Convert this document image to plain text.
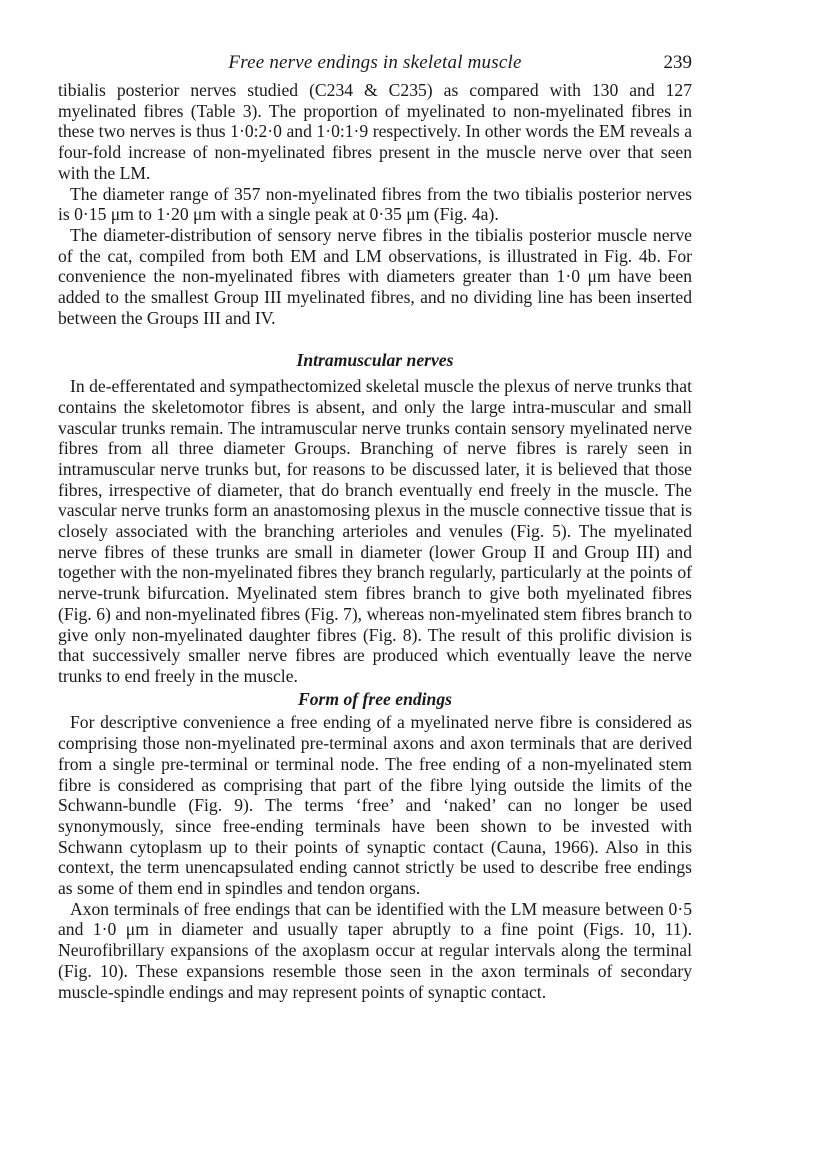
Free nerve endings in skeletal muscle	239

tibialis posterior nerves studied (C234 & C235) as compared with 130 and 127 myelinated fibres (Table 3). The proportion of myelinated to non-myelinated fibres in these two nerves is thus 1·0:2·0 and 1·0:1·9 respectively. In other words the EM reveals a four-fold increase of non-myelinated fibres present in the muscle nerve over that seen with the LM.

The diameter range of 357 non-myelinated fibres from the two tibialis posterior nerves is 0·15 μm to 1·20 μm with a single peak at 0·35 μm (Fig. 4a).

The diameter-distribution of sensory nerve fibres in the tibialis posterior muscle nerve of the cat, compiled from both EM and LM observations, is illustrated in Fig. 4b. For convenience the non-myelinated fibres with diameters greater than 1·0 μm have been added to the smallest Group III myelinated fibres, and no dividing line has been inserted between the Groups III and IV.

Intramuscular nerves

In de-efferentated and sympathectomized skeletal muscle the plexus of nerve trunks that contains the skeletomotor fibres is absent, and only the large intra-muscular and small vascular trunks remain. The intramuscular nerve trunks contain sensory myelinated nerve fibres from all three diameter Groups. Branching of nerve fibres is rarely seen in intramuscular nerve trunks but, for reasons to be discussed later, it is believed that those fibres, irrespective of diameter, that do branch eventually end freely in the muscle. The vascular nerve trunks form an anastomosing plexus in the muscle connective tissue that is closely associated with the branching arterioles and venules (Fig. 5). The myelinated nerve fibres of these trunks are small in diameter (lower Group II and Group III) and together with the non-myelinated fibres they branch regularly, particularly at the points of nerve-trunk bifurcation. Myelinated stem fibres branch to give both myelinated fibres (Fig. 6) and non-myelinated fibres (Fig. 7), whereas non-myelinated stem fibres branch to give only non-myelinated daughter fibres (Fig. 8). The result of this prolific division is that successively smaller nerve fibres are produced which eventually leave the nerve trunks to end freely in the muscle.

Form of free endings

For descriptive convenience a free ending of a myelinated nerve fibre is considered as comprising those non-myelinated pre-terminal axons and axon terminals that are derived from a single pre-terminal or terminal node. The free ending of a non-myelinated stem fibre is considered as comprising that part of the fibre lying outside the limits of the Schwann-bundle (Fig. 9). The terms ‘free’ and ‘naked’ can no longer be used synonymously, since free-ending terminals have been shown to be invested with Schwann cytoplasm up to their points of synaptic contact (Cauna, 1966). Also in this context, the term unencapsulated ending cannot strictly be used to describe free endings as some of them end in spindles and tendon organs.

Axon terminals of free endings that can be identified with the LM measure between 0·5 and 1·0 μm in diameter and usually taper abruptly to a fine point (Figs. 10, 11). Neurofibrillary expansions of the axoplasm occur at regular intervals along the terminal (Fig. 10). These expansions resemble those seen in the axon terminals of secondary muscle-spindle endings and may represent points of synaptic contact.
